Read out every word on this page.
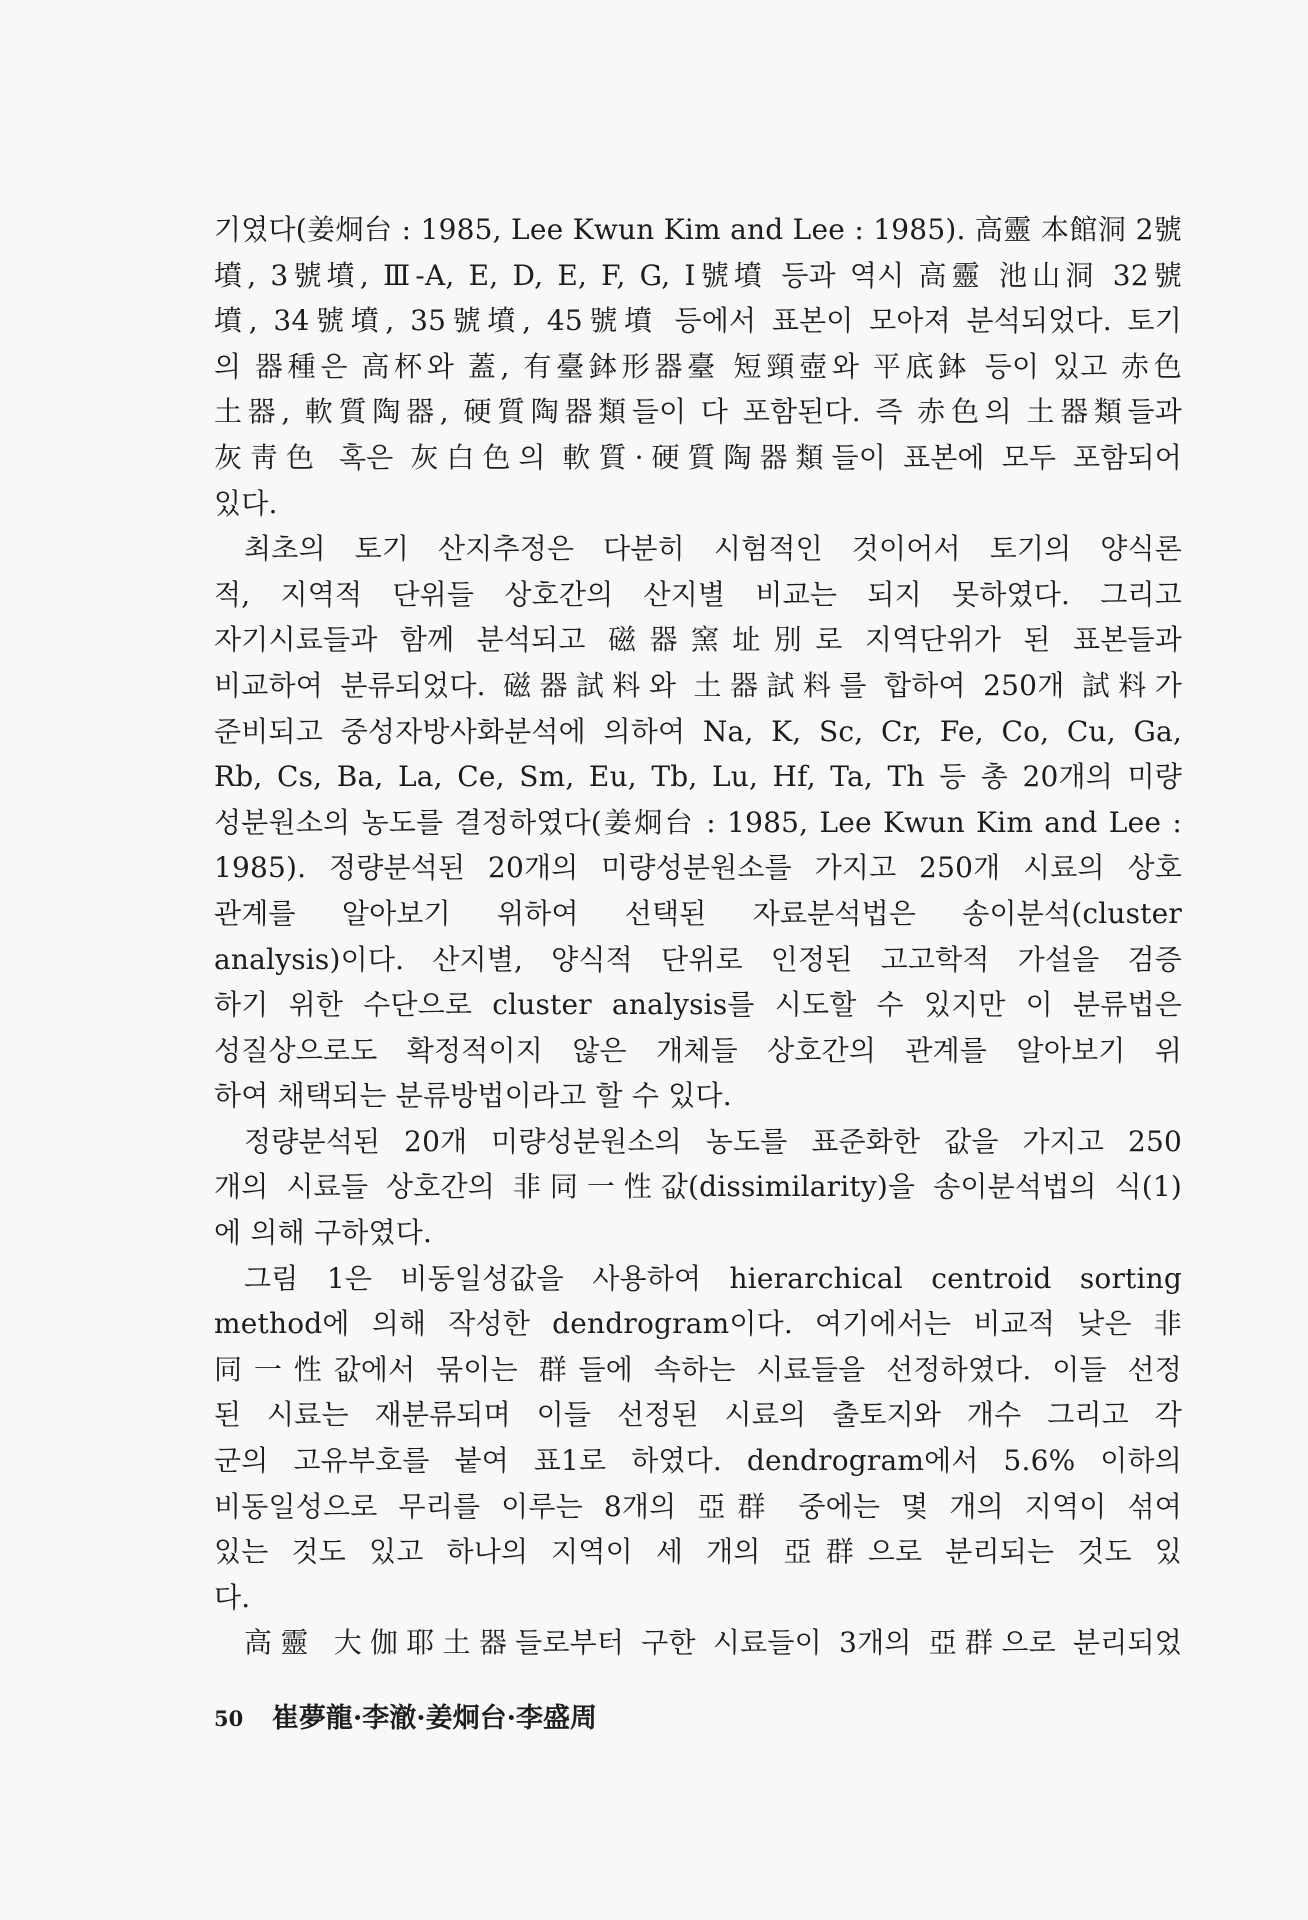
기였다(姜炯台 : 1985, Lee Kwun Kim and Lee : 1985). 高靈 本館洞 2號
墳, 3號墳, Ⅲ-A, E, D, E, F, G, I號墳 등과 역시 高靈 池山洞 32號
墳, 34號墳, 35號墳, 45號墳 등에서 표본이 모아져 분석되었다. 토기
의 器種은 高杯와 蓋, 有臺鉢形器臺 短頸壺와 平底鉢 등이 있고 赤色
土器, 軟質陶器, 硬質陶器類들이 다 포함된다. 즉 赤色의 土器類들과
灰靑色 혹은 灰白色의 軟質·硬質陶器類들이 표본에 모두 포함되어
있다.
최초의 토기 산지추정은 다분히 시험적인 것이어서 토기의 양식론
적, 지역적 단위들 상호간의 산지별 비교는 되지 못하였다. 그리고
자기시료들과 함께 분석되고 磁器窯址別로 지역단위가 된 표본들과
비교하여 분류되었다. 磁器試料와 土器試料를 합하여 250개 試料가
준비되고 중성자방사화분석에 의하여 Na, K, Sc, Cr, Fe, Co, Cu, Ga,
Rb, Cs, Ba, La, Ce, Sm, Eu, Tb, Lu, Hf, Ta, Th 등 총 20개의 미량
성분원소의 농도를 결정하였다(姜炯台 : 1985, Lee Kwun Kim and Lee :
1985). 정량분석된 20개의 미량성분원소를 가지고 250개 시료의 상호
관계를 알아보기 위하여 선택된 자료분석법은 송이분석(cluster
analysis)이다. 산지별, 양식적 단위로 인정된 고고학적 가설을 검증
하기 위한 수단으로 cluster analysis를 시도할 수 있지만 이 분류법은
성질상으로도 확정적이지 않은 개체들 상호간의 관계를 알아보기 위
하여 채택되는 분류방법이라고 할 수 있다.
정량분석된 20개 미량성분원소의 농도를 표준화한 값을 가지고 250
개의 시료들 상호간의 非同一性값(dissimilarity)을 송이분석법의 식(1)
에 의해 구하였다.
그림 1은 비동일성값을 사용하여 hierarchical centroid sorting
method에 의해 작성한 dendrogram이다. 여기에서는 비교적 낮은 非
同一性값에서 묶이는 群들에 속하는 시료들을 선정하였다. 이들 선정
된 시료는 재분류되며 이들 선정된 시료의 출토지와 개수 그리고 각
군의 고유부호를 붙여 표1로 하였다. dendrogram에서 5.6% 이하의
비동일성으로 무리를 이루는 8개의 亞群 중에는 몇 개의 지역이 섞여
있는 것도 있고 하나의 지역이 세 개의 亞群으로 분리되는 것도 있
다.
高靈 大伽耶土器들로부터 구한 시료들이 3개의 亞群으로 분리되었
50 崔夢龍·李澈·姜炯台·李盛周
